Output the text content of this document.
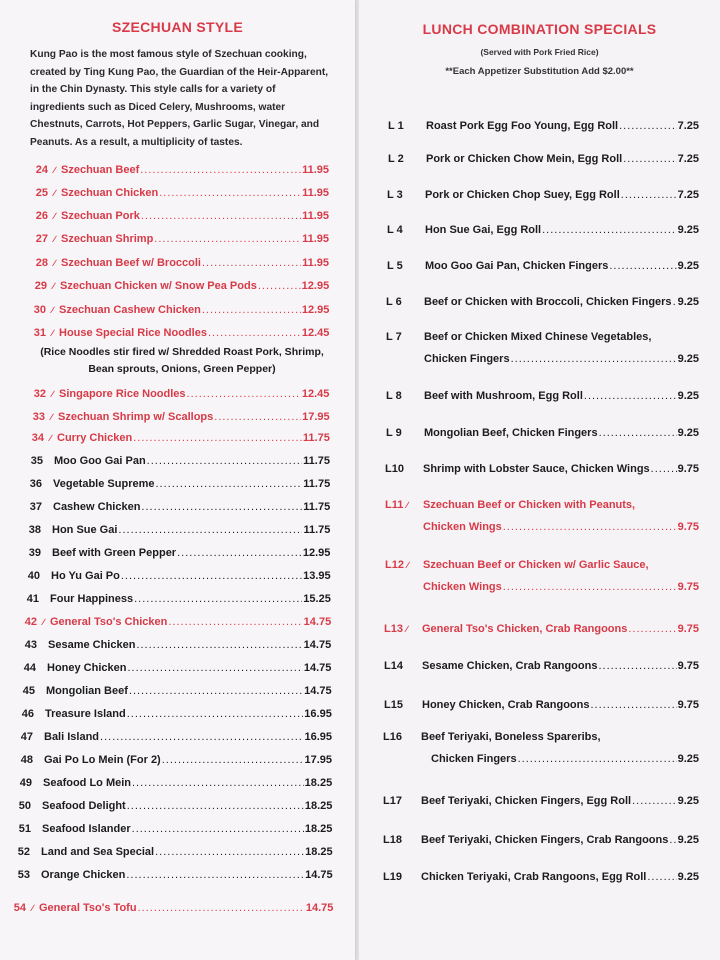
SZECHUAN STYLE
Kung Pao is the most famous style of Szechuan cooking, created by Ting Kung Pao, the Guardian of the Heir-Apparent, in the Chin Dynasty. This style calls for a variety of ingredients such as Diced Celery, Mushrooms, water Chestnuts, Carrots, Hot Peppers, Garlic Sugar, Vinegar, and Peanuts. As a result, a multiplicity of tastes.
24 ∕ Szechuan Beef .....	11.95
25 ∕ Szechuan Chicken .....	11.95
26 ∕ Szechuan Pork .....	11.95
27 ∕ Szechuan Shrimp .....	11.95
28 ∕ Szechuan Beef w/ Broccoli .....	11.95
29 ∕ Szechuan Chicken w/ Snow Pea Pods .....	12.95
30 ∕ Szechuan Cashew Chicken .....	12.95
31 ∕ House Special Rice Noodles .....	12.45
32 ∕ Singapore Rice Noodles .....	12.45
33 ∕ Szechuan Shrimp w/ Scallops .....	17.95
34 ∕ Curry Chicken .....	11.75
35 Moo Goo Gai Pan .....	11.75
36 Vegetable Supreme .....	11.75
37 Cashew Chicken .....	11.75
38 Hon Sue Gai .....	11.75
39 Beef with Green Pepper .....	12.95
40 Ho Yu Gai Po .....	13.95
41 Four Happiness .....	15.25
42 ∕ General Tso's Chicken .....	14.75
43 Sesame Chicken .....	14.75
44 Honey Chicken .....	14.75
45 Mongolian Beef .....	14.75
46 Treasure Island .....	16.95
47 Bali Island .....	16.95
48 Gai Po Lo Mein (For 2) .....	17.95
49 Seafood Lo Mein .....	18.25
50 Seafood Delight .....	18.25
51 Seafood Islander .....	18.25
52 Land and Sea Special .....	18.25
53 Orange Chicken .....	14.75
54 ∕ General Tso's Tofu .....	14.75
(Rice Noodles stir fired w/ Shredded Roast Pork, Shrimp, Bean sprouts, Onions, Green Pepper)
LUNCH COMBINATION SPECIALS
(Served with Pork Fried Rice)
**Each Appetizer Substitution Add $2.00**
L 1	Roast Pork Egg Foo Young, Egg Roll .....	7.25
L 2	Pork or Chicken Chow Mein, Egg Roll .....	7.25
L 3	Pork or Chicken Chop Suey, Egg Roll .....	7.25
L 4	Hon Sue Gai, Egg Roll .....	9.25
L 5	Moo Goo Gai Pan, Chicken Fingers .....	9.25
L 6	Beef or Chicken with Broccoli, Chicken Fingers ..... 9.25
L 7	Beef or Chicken Mixed Chinese Vegetables,
Chicken Fingers .....	9.25
L 8	Beef with Mushroom, Egg Roll .....	9.25
L 9	Mongolian Beef, Chicken Fingers .....	9.25
L10	Shrimp with Lobster Sauce, Chicken Wings .....	9.75
L11 ∕	Szechuan Beef or Chicken with Peanuts,
Chicken Wings .....	9.75
L12 ∕	Szechuan Beef or Chicken w/ Garlic Sauce,
Chicken Wings .....	9.75
L13 ∕	General Tso's Chicken, Crab Rangoons .....	9.75
L14	Sesame Chicken, Crab Rangoons .....	9.75
L15	Honey Chicken, Crab Rangoons .....	9.75
L16	Beef Teriyaki, Boneless Spareribs,
Chicken Fingers .....	9.25
L17	Beef Teriyaki, Chicken Fingers, Egg Roll .....	9.25
L18	Beef Teriyaki, Chicken Fingers, Crab Rangoons ..... 9.25
L19	Chicken Teriyaki, Crab Rangoons, Egg Roll .....	9.25
